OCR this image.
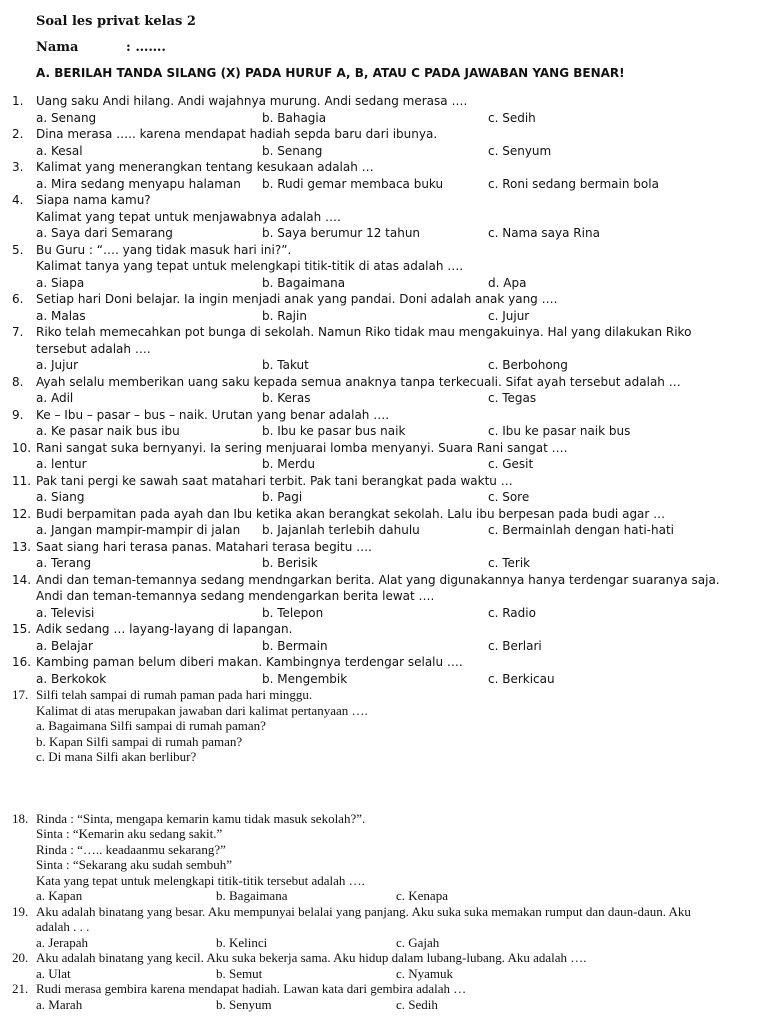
Soal les privat kelas 2
Nama	: …….
A. BERILAH TANDA SILANG (X) PADA HURUF A, B, ATAU C PADA JAWABAN YANG BENAR!
1. Uang saku Andi hilang. Andi wajahnya murung. Andi sedang merasa ….
a. Senang	b. Bahagia	c. Sedih
2. Dina merasa ….. karena mendapat hadiah sepda baru dari ibunya.
a. Kesal	b. Senang	c. Senyum
3. Kalimat yang menerangkan tentang kesukaan adalah …
a. Mira sedang menyapu halaman b. Rudi gemar membaca buku	c. Roni sedang bermain bola
4. Siapa nama kamu?
Kalimat yang tepat untuk menjawabnya adalah ….
a. Saya dari Semarang	b. Saya berumur 12 tahun	c. Nama saya Rina
5. Bu Guru : “…. yang tidak masuk hari ini?”.
Kalimat tanya yang tepat untuk melengkapi titik-titik di atas adalah ….
a. Siapa	b. Bagaimana	d. Apa
6. Setiap hari Doni belajar. Ia ingin menjadi anak yang pandai. Doni adalah anak yang ….
a. Malas	b. Rajin	c. Jujur
7. Riko telah memecahkan pot bunga di sekolah. Namun Riko tidak mau mengakuinya. Hal yang dilakukan Riko tersebut adalah ….
a. Jujur	b. Takut	c. Berbohong
8. Ayah selalu memberikan uang saku kepada semua anaknya tanpa terkecuali. Sifat ayah tersebut adalah …
a. Adil	b. Keras	c. Tegas
9. Ke – Ibu – pasar – bus – naik. Urutan yang benar adalah ….
a. Ke pasar naik bus ibu	b. Ibu ke pasar bus naik	c. Ibu ke pasar naik bus
10. Rani sangat suka bernyanyi. Ia sering menjuarai lomba menyanyi. Suara Rani sangat ….
a. lentur	b. Merdu	c. Gesit
11. Pak tani pergi ke sawah saat matahari terbit. Pak tani berangkat pada waktu …
a. Siang	b. Pagi	c. Sore
12. Budi berpamitan pada ayah dan Ibu ketika akan berangkat sekolah. Lalu ibu berpesan pada budi agar …
a. Jangan mampir-mampir di jalan b. Jajanlah terlebih dahulu	c. Bermainlah dengan hati-hati
13. Saat siang hari terasa panas. Matahari terasa begitu ….
a. Terang	b. Berisik	c. Terik
14. Andi dan teman-temannya sedang mendngarkan berita. Alat yang digunakannya hanya terdengar suaranya saja. Andi dan teman-temannya sedang mendengarkan berita lewat ….
a. Televisi	b. Telepon	c. Radio
15. Adik sedang … layang-layang di lapangan.
a. Belajar	b. Bermain	c. Berlari
16. Kambing paman belum diberi makan. Kambingnya terdengar selalu ….
a. Berkokok	b. Mengembik	c. Berkicau
17. Silfi telah sampai di rumah paman pada hari minggu.
Kalimat di atas merupakan jawaban dari kalimat pertanyaan ….
a. Bagaimana Silfi sampai di rumah paman?
b. Kapan Silfi sampai di rumah paman?
c. Di mana Silfi akan berlibur?
18. Rinda : “Sinta, mengapa kemarin kamu tidak masuk sekolah?”.
Sinta : “Kemarin aku sedang sakit.”
Rinda : “….. keadaanmu sekarang?”
Sinta : “Sekarang aku sudah sembuh”
Kata yang tepat untuk melengkapi titik-titik tersebut adalah ….
a. Kapan	b. Bagaimana	c. Kenapa
19. Aku adalah binatang yang besar. Aku mempunyai belalai yang panjang. Aku suka suka memakan rumput dan daun-daun. Aku adalah . . .
a. Jerapah	b. Kelinci	c. Gajah
20. Aku adalah binatang yang kecil. Aku suka bekerja sama. Aku hidup dalam lubang-lubang. Aku adalah ….
a. Ulat	b. Semut	c. Nyamuk
21. Rudi merasa gembira karena mendapat hadiah. Lawan kata dari gembira adalah …
a. Marah	b. Senyum	c. Sedih
